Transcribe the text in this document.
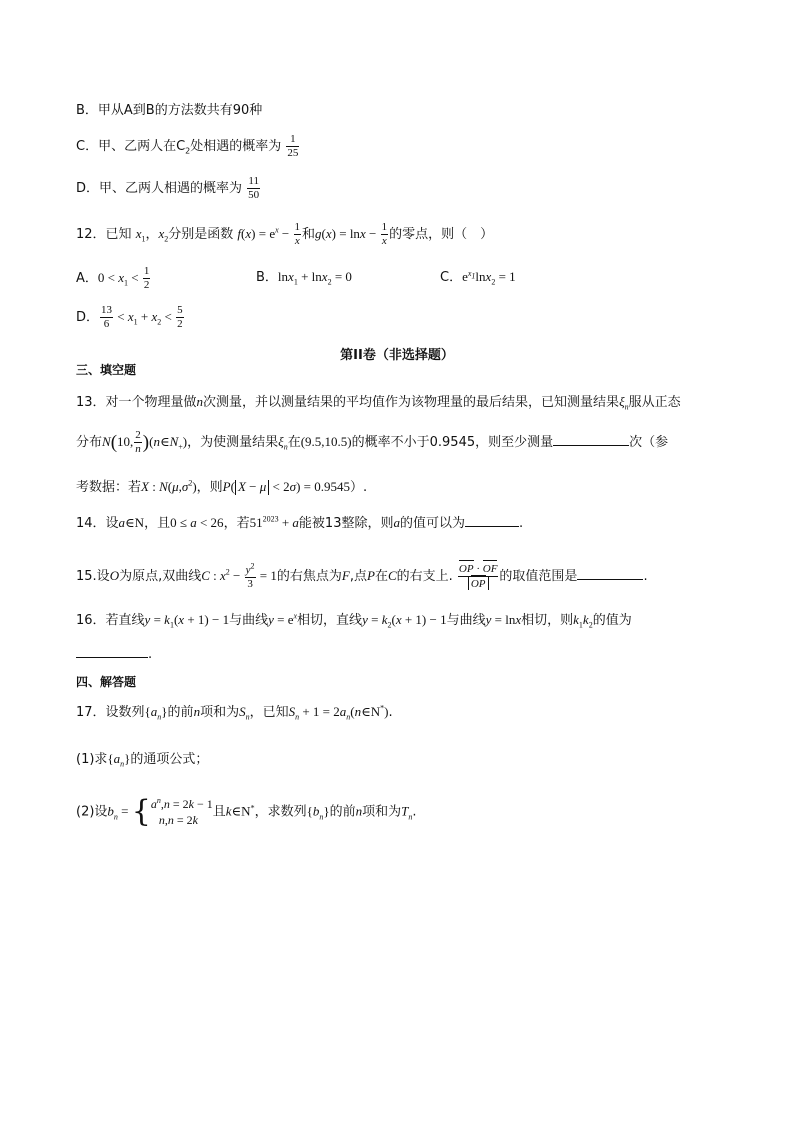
B．甲从A到B的方法数共有90种
C．甲、乙两人在$C_2$处相遇的概率为 $\frac{1}{25}$
D．甲、乙两人相遇的概率为 $\frac{11}{50}$
12．已知 $x_1$，$x_2$分别是函数 $f(x) = e^x - \frac{1}{x}$ 和$g(x) = \ln x - \frac{1}{x}$ 的零点，则（　）
A．$0 < x_1 < \frac{1}{2}$	B．lnx$_1$ + lnx$_2$ = 0	C．$e^{x_1}\ln x_2 = 1$
D． $\frac{13}{6} < x_1 + x_2 < \frac{5}{2}$
第II卷（非选择题）
三、填空题
13．对一个物理量做n次测量，并以测量结果的平均值作为该物理量的最后结果，已知测量结果$\xi_n$服从正态
分布N(10, $\frac{2}{n}$ )$(n\in N_+)$，为使测量结果$\xi_n$在(9.5,10.5)的概率不小于0.9545，则至少测量	次（参
考数据：若X : $N(\mu,\sigma^2)$，则P( X − μ < 2σ) = 0.9545）.
14．设a∈N，且0 ≤ a < 26，若$51^{2023} + a$能被13整除，则a的值可以为	.
15.设O为原点,双曲线C : $x^2 - \frac{y^2}{3} = 1$的右焦点为F,点P在C的右支上. $\frac{OP \cdot OF}{OP}$ 的取值范围是	.
16．若直线$y = k_1(x + 1) - 1$与曲线$y = e^x$相切，直线$y = k_2(x + 1) - 1$与曲线y = lnx相切，则$k_1k_2$的值为
.
四、解答题
17．设数列$\{a_n\}$的前n项和为$S_n$，已知$S_n + 1$ = $2a_n(n\in N^*)$.
(1)求$\{a_n\}$的通项公式；
(2)设$b_n$ = { $a^n,n = 2k - 1$
n,n = 2k
且k∈N*，求数列$\{b_n\}$的前n项和为$T_n$.
